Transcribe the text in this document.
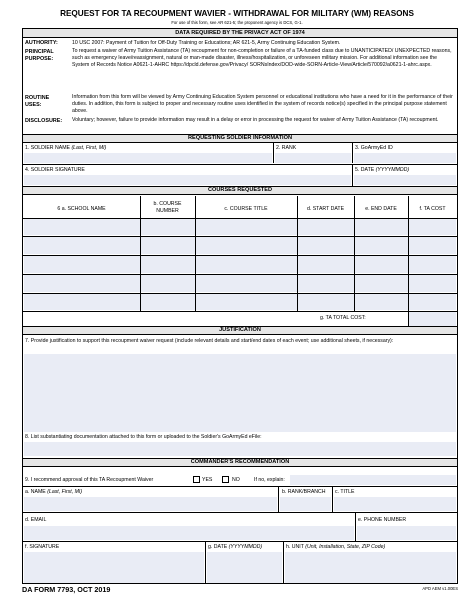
REQUEST FOR TA RECOUPMENT WAVIER - WITHDRAWAL FOR MILITARY (WM) REASONS
For use of this form, see AR 621-5; the proponent agency is DCS, G-1.
DATA REQUIRED BY THE PRIVACY ACT OF 1974
AUTHORITY:	10 USC 2007: Payment of Tuition for Off-Duty Training or Educations; AR 621-5, Army Continuing Education System.
PRINCIPAL
PURPOSE:
To request a waiver of Army Tuition Assistance (TA) recoupment for non-completion or failure of a TA-funded class due to UNANTICIPATED/ UNEXPECTED reasons, such as emergency leave/reassignment, natural or man-made disaster, illness/hospitalization, or unforeseen military mission. For additional information see the System of Records Notice A0621-1-AHRC https://dpcld.defense.gov/Privacy/ SORNsIndex/DOD-wide-SORN-Article-View/Article/570092/a0621-1-ahrc.aspx.
ROUTINE
USES:
Information from this form will be viewed by Army Continuing Education System personnel or educational institutions who have a need for it in the performance of their duties. In addition, this form is subject to proper and necessary routine uses identified in the system of records notice(s) specified in the principal purpose statement above.
DISCLOSURE: Voluntary; however, failure to provide information may result in a delay or error in processing the request for waiver of Army Tuition Assistance (TA) recoupment.
REQUESTING SOLDIER INFORMATION
1. SOLDIER NAME (Last, First, MI)	2. RANK	3. GoArmyEd ID
4. SOLDIER SIGNATURE	5. DATE (YYYYMMDD)
COURSES REQUESTED
6 a. SCHOOL NAME
b. COURSE
NUMBER	c. COURSE TITLE	d. START DATE	e. END DATE	f. TA COST
g. TA TOTAL COST:
JUSTIFICATION
7. Provide justification to support this recoupment waiver request (include relevant details and start/end dates of each event; use additional sheets, if necessary):
8. List substantiating documentation attached to this form or uploaded to the Soldier's GoArmyEd eFile:
COMMANDER'S RECOMMENDATION
9. I recommend approval of this TA Recoupment Waiver	YES	NO	If no, explain:
a. NAME (Last, First, MI)	b. RANK/BRANCH c. TITLE
d. EMAIL	e. PHONE NUMBER
f. SIGNATURE	g. DATE (YYYYMMDD)	h. UNIT (Unit, Installation, State, ZIP Code)
DA FORM 7793, OCT 2019	APD AEM v1.00ES
